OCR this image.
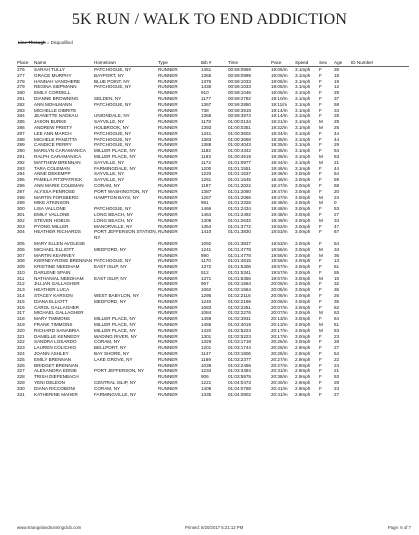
5K RUN / WALK TO END ADDICTION
Line-Through = Disqualified
Place	Name	Hometown	Type	Bib #	Time	Pace	Speed	Sex	Age	ID Number
276	SARAH TULLY	PATCHOGUE, NY	RUNNER	1461	00:59:0959	19:05/m	3.1mph	F	26	
277	GRACE MURPHY	BAYPORT, NY	RUNNER	1365	00:59:0989	19:05/m	3.1mph	F	18	
278	HANNAH VANOHERE	BLUE POINT, NY	RUNNER	1376	00:59:1033	19:05/m	3.1mph	F	19	
279	REGINA SIEPMANN	PATCHOGUE, NY	RUNNER	1436	00:59:1033	19:05/m	3.1mph	F	12	
280	EMILY CORDELL		RUNNER	910	00:59:1046	19:05/m	3.1mph	F	29	
281	DIANNE BROWNING	SELDEN, NY	RUNNER	1177	00:59:2782	19:10/m	3.1mph	F	37	
282	ANN MOHLMANN	PATCHOGUE, NY	RUNNER	1367	00:59:2850	19:11/m	3.1mph	F	58	
283	MICHELLE DIBRITE		RUNNER	738	00:59:3918	19:14/m	3.1mph	F	34	
284	JEANETTE NADEAU	UNIONDALE, NY	RUNNER	1368	00:59:3973	19:14/m	3.1mph	F	28	
285	JASON BURKE	SAYVILLE, NY	RUNNER	1178	01:00:0134	19:21/m	3.1mph	M	29	
286	ANDREW PRIETY	HOLBROOK, NY	RUNNER	1393	01:00:0351	19:22/m	3.1mph	M	25	
287	LEE ANN MARCH	PATCHOGUE, NY	RUNNER	1341	01:00:3602	19:34/m	3.1mph	F	44	
288	MICHELE PANZITTA	PATCHOGUE, NY	RUNNER	1383	01:00:3668	19:35/m	3.1mph	F	44	
289	CANDICE PERRY	PATCHOGUE, NY	RUNNER	1388	01:00:4043	19:35/m	3.1mph	F	29	
290	MARILYN CARAMANICA	MILLER PLACE, NY	RUNNER	1182	01:00:4342	19:35/m	3.1mph	F	64	
291	RALPH CARAMANICA	MILLER PLACE, NY	RUNNER	1183	01:00:4519	19:36/m	3.1mph	M	63	
292	MATTHEW BRENNAN	SAYVILLE, NY	RUNNER	1172	01:01:0977	19:44/m	3.1mph	M	21	
293	TARA COLEMAN	FARMINGDALE, NY	RUNNER	1200	01:01:1551	19:46/m	3.1mph	F	44	
294	ANNE DEKEMPP	SAYVILLE, NY	RUNNER	1220	01:01:1637	19:46/m	3.0mph	F	54	
295	PAMELA FITZPATRICK	SAYVILLE, NY	RUNNER	1261	01:01:1645	19:46/m	3.0mph	F	59	
296	ANN MARIE COLEMAN	CORAM, NY	RUNNER	1197	01:01:2022	19:47/m	3.0mph	F	68	
297	ALYSSA PENROSE	PORT WASHINGTON, NY	RUNNER	1387	01:01:2060	19:47/m	3.0mph	F	20	
298	MARTIN FORSBERG	HAMPTON BAYS, NY	RUNNER	1267	01:01:2066	19:47/m	3.0mph	M	24	
299	MIKE ATKINSON		RUNNER	981	01:01:2326	19:48/m	3.0mph	M	0	
300	LISA VALLONE	PATCHOGUE, NY	RUNNER	1466	01:01:2434	19:48/m	3.0mph	F	53	
301	EMILY VALLONE	LONG BEACH, NY	RUNNER	1464	01:01:2492	19:48/m	3.0mph	F	27	
302	STEVEN HOBUS	LONG BEACH, NY	RUNNER	1309	01:01:2632	19:49/m	3.0mph	M	34	
303	PYONG MILLER	MANORVILLE, NY	RUNNER	1354	01:01:3772	19:52/m	3.0mph	F	47	
304	HEATHER RICHARDS	PORT JEFFERSON STATION, NY	RUNNER	1410	01:01:3830	19:53/m	3.0mph	F	67	
305	MARY ELLEN AVOLESE		RUNNER	1092	01:01:3837	19:53/m	3.0mph	F	54	
306	MICHAEL ELLIOTT	MEDFORD, NY	RUNNER	1241	01:01:4778	19:56/m	3.0mph	M	34	
307	MARTIN KEARNEY		RUNNER	890	01:01:4778	19:56/m	3.0mph	M	36	
308	KIERNEY-ROSE BRENNAN	PATCHOGUE, NY	RUNNER	1170	01:01:4815	19:56/m	3.0mph	F	13	
309	KRISTINE NEEDHAM	EAST ISLIP, NY	RUNNER	1372	01:01:5306	19:57/m	3.0mph	F	51	
310	DARLENE SPAIN		RUNNER	512	01:01:5341	19:57/m	3.0mph	F	55	
311	NATHANIAL NEEDHAM	EAST ISLIP, NY	RUNNER	1371	01:01:5356	19:57/m	3.0mph	M	16	
312	JILLIAN GALLAGHER		RUNNER	967	01:02:1564	20:05/m	3.0mph	F	32	
313	HEATHER LUCA		RUNNER	1062	01:02:1564	20:05/m	3.0mph	F	36	
314	STACEY KARSON	WEST BABYLON, NY	RUNNER	1295	01:02:2116	20:06/m	3.0mph	F	26	
315	DIANA ELLIOTT	MEDFORD, NY	RUNNER	1240	01:02:2196	20:06/m	3.0mph	F	35	
316	CAROL GALLAGHER		RUNNER	1083	01:02:2251	20:07/m	3.0mph	F	62	
317	MICHAEL GALLAGHER		RUNNER	1084	01:02:2276	20:07/m	3.0mph	M	63	
318	MARY TIMMONS	MILLER PLACE, NY	RUNNER	1459	01:02:3931	20:13/m	3.0mph	F	64	
319	FRANK TIMMONS	MILLER PLACE, NY	RUNNER	1458	01:02:4019	20:13/m	3.0mph	M	61	
320	RICHARD SANABRIA	MILLER PLACE, NY	RUNNER	1420	01:02:5223	20:17/m	3.0mph	M	63	
321	DANIELLE KENNEDY	WADING RIVER, NY	RUNNER	1301	01:02:5223	20:17/m	3.0mph	F	23	
322	SANDRA LOSARDO	CORAM, NY	RUNNER	1329	01:03:1718	20:25/m	3.0mph	F	28	
323	LAUREN COLICHIO	BELLPORT, NY	RUNNER	1201	01:03:1744	20:25/m	2.9mph	F	27	
324	JOANN ASHLEY	BAY SHORE, NY	RUNNER	1147	01:03:1806	20:25/m	2.9mph	F	54	
325	EMILY BRENNAN	LAKE GROVE, NY	RUNNER	1169	01:03:2377	20:27/m	2.9mph	F	22	
326	BRIDGET BRENNAN		RUNNER	1039	01:03:2456	20:27/m	2.9mph	F	24	
327	ALEXANDRA EDNIE	PORT JEFFERSON, NY	RUNNER	1234	01:03:3494	20:31/m	2.9mph	F	21	
328	TRISH DIEFENBACH		RUNNER	906	01:03:5975	20:38/m	2.9mph	F	53	
329	YENI DELEON	CENTRAL ISLIP, NY	RUNNER	1221	01:04:0473	20:40/m	2.9mph	F	28	
330	DIANA RICCOBONI	CORAM, NY	RUNNER	1409	01:04:0768	20:41/m	2.9mph	F	24	
331	KATHERINE MAHER	FARMINGVILLE, NY	RUNNER	1335	01:04:0802	20:41/m	2.9mph	F	27	
www.strangelandrunningclub.com	Printed: 5/20/2017 5:21:12 PM	Page: 6 of 7
